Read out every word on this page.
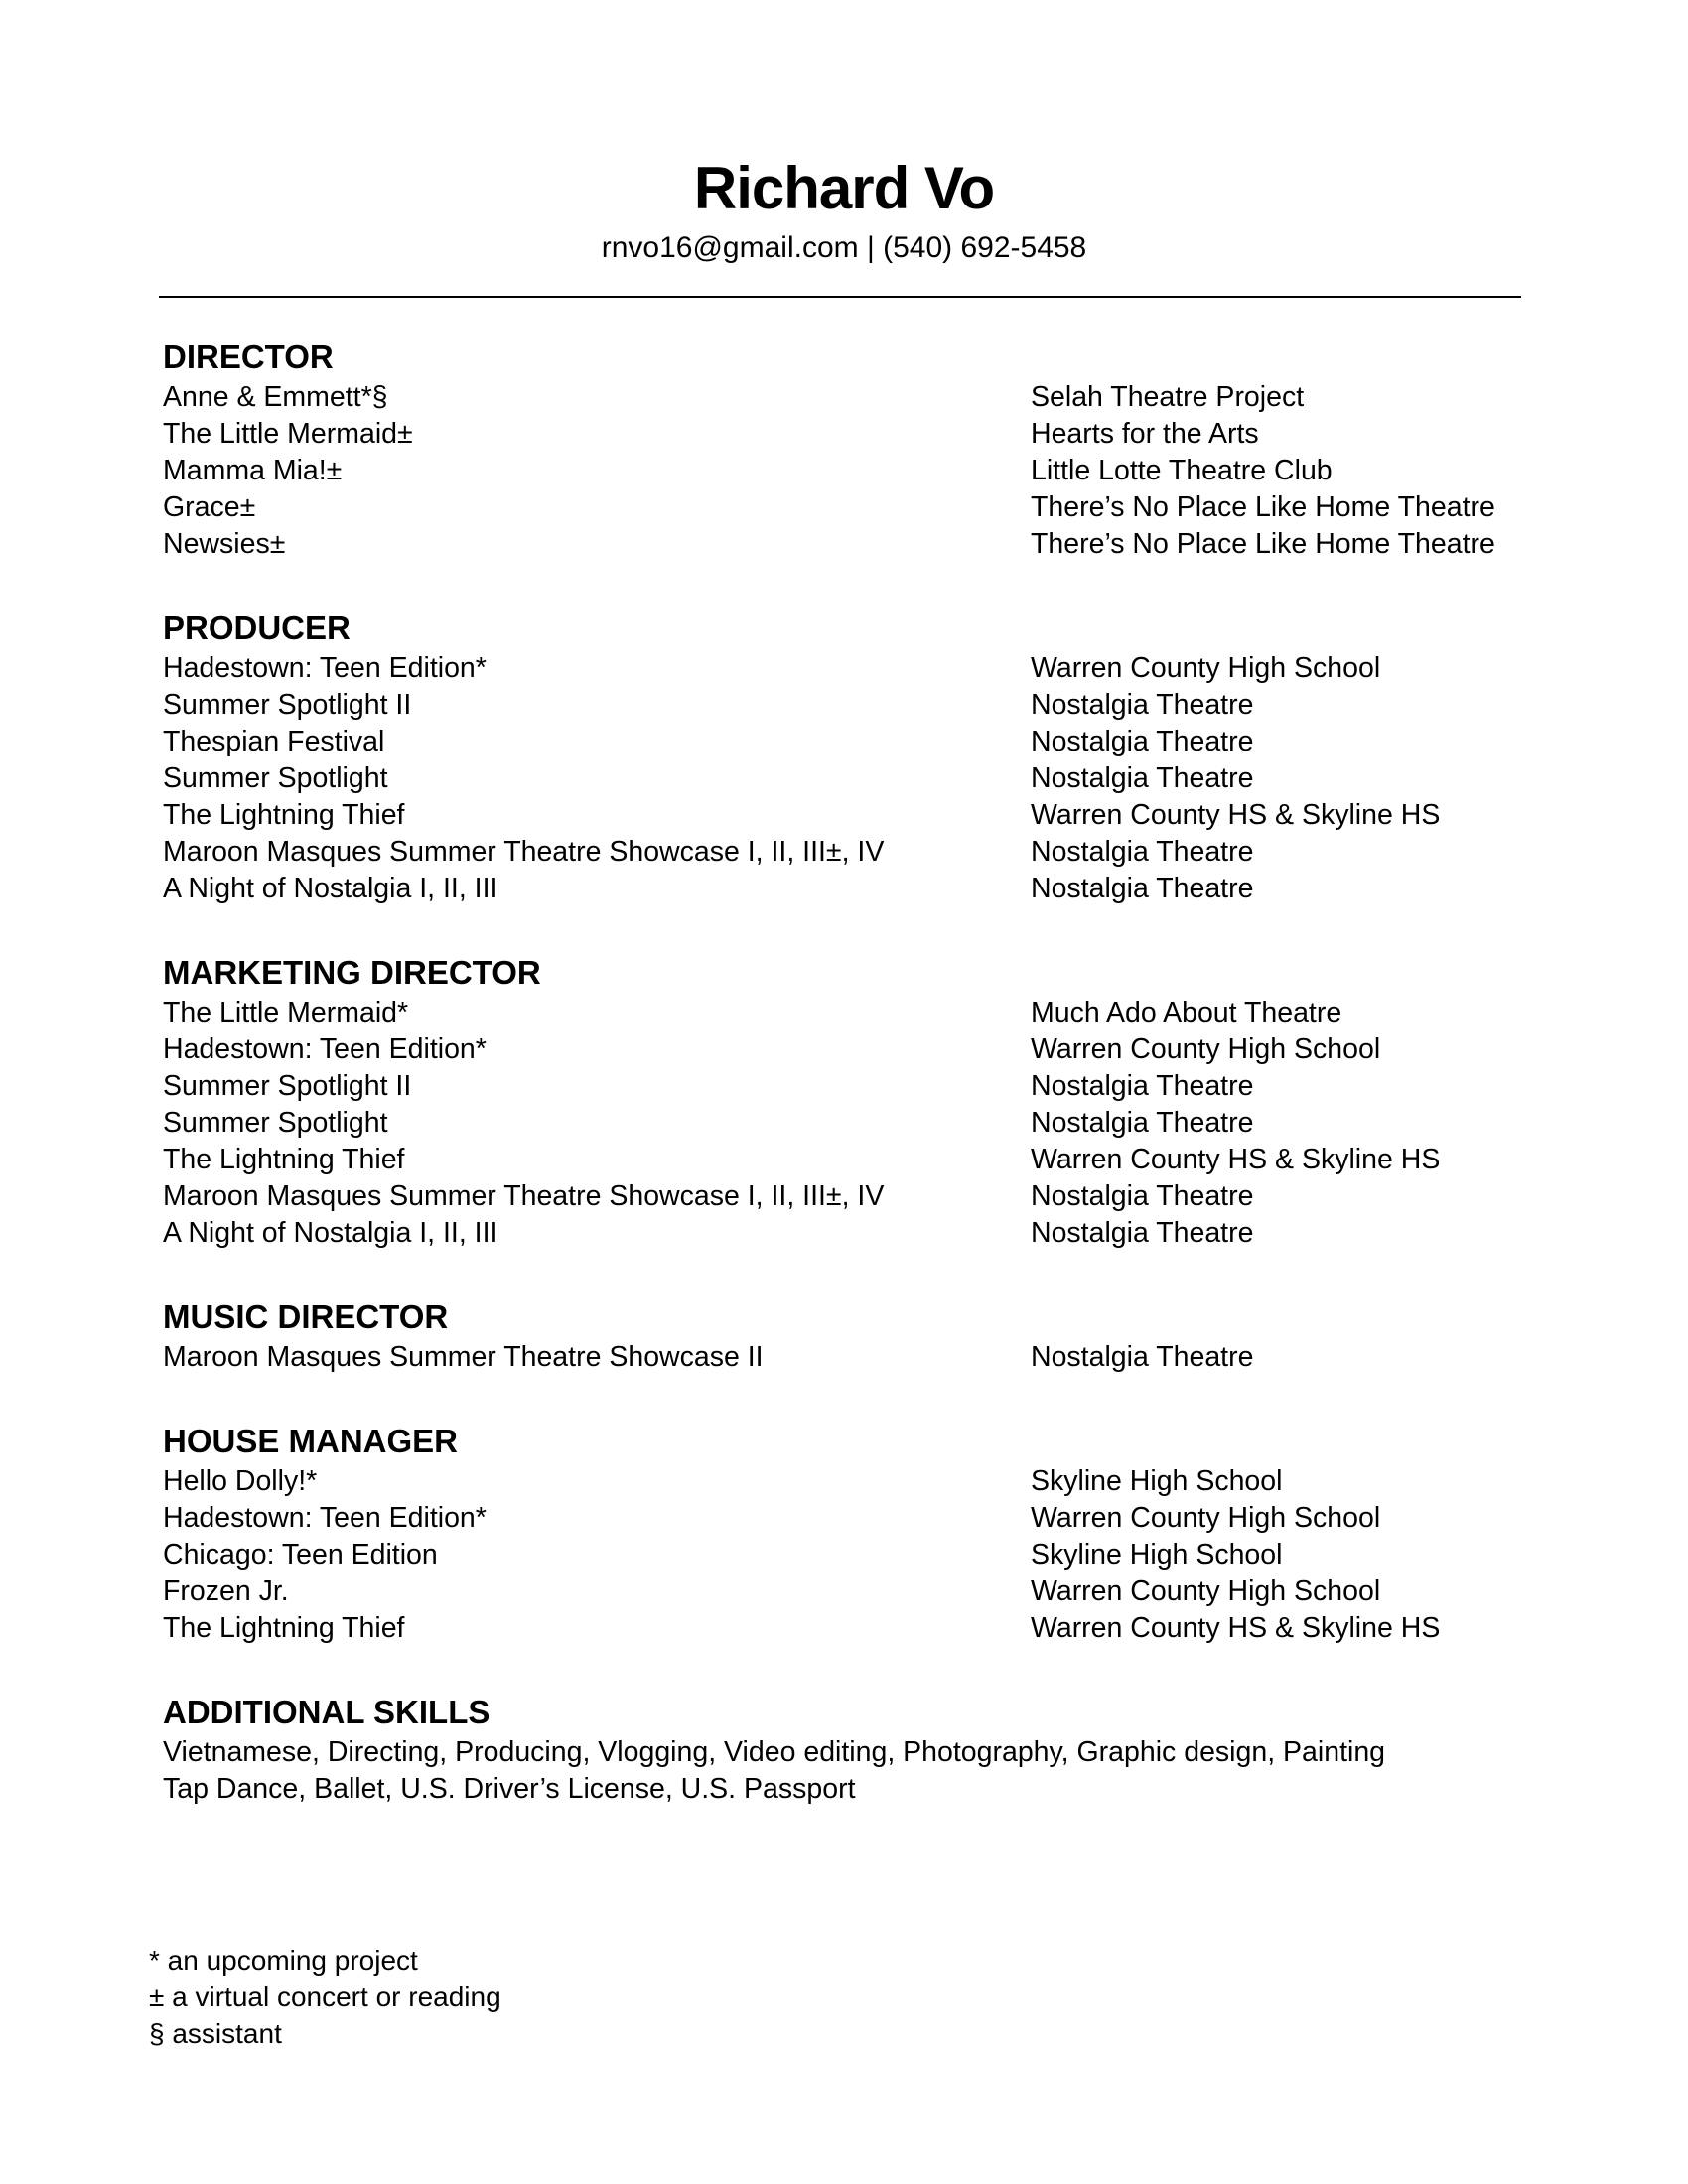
Richard Vo
rnvo16@gmail.com | (540) 692-5458
DIRECTOR
Anne & Emmett*§	Selah Theatre Project
The Little Mermaid±	Hearts for the Arts
Mamma Mia!±	Little Lotte Theatre Club
Grace±	There’s No Place Like Home Theatre
Newsies±	There’s No Place Like Home Theatre
PRODUCER
Hadestown: Teen Edition*	Warren County High School
Summer Spotlight II	Nostalgia Theatre
Thespian Festival	Nostalgia Theatre
Summer Spotlight	Nostalgia Theatre
The Lightning Thief	Warren County HS & Skyline HS
Maroon Masques Summer Theatre Showcase I, II, III±, IV	Nostalgia Theatre
A Night of Nostalgia I, II, III	Nostalgia Theatre
MARKETING DIRECTOR
The Little Mermaid*	Much Ado About Theatre
Hadestown: Teen Edition*	Warren County High School
Summer Spotlight II	Nostalgia Theatre
Summer Spotlight	Nostalgia Theatre
The Lightning Thief	Warren County HS & Skyline HS
Maroon Masques Summer Theatre Showcase I, II, III±, IV	Nostalgia Theatre
A Night of Nostalgia I, II, III	Nostalgia Theatre
MUSIC DIRECTOR
Maroon Masques Summer Theatre Showcase II	Nostalgia Theatre
HOUSE MANAGER
Hello Dolly!*	Skyline High School
Hadestown: Teen Edition*	Warren County High School
Chicago: Teen Edition	Skyline High School
Frozen Jr.	Warren County High School
The Lightning Thief	Warren County HS & Skyline HS
ADDITIONAL SKILLS
Vietnamese, Directing, Producing, Vlogging, Video editing, Photography, Graphic design, Painting
Tap Dance, Ballet, U.S. Driver’s License, U.S. Passport
* an upcoming project
± a virtual concert or reading
§ assistant
